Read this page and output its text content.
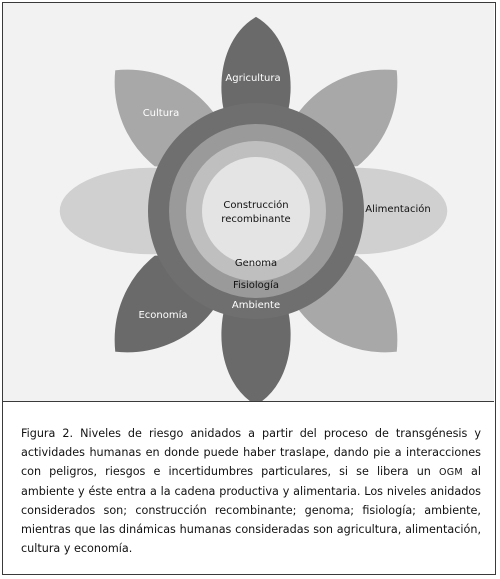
Agricultura
Alimentación
Economía
Cultura
Ambiente
Fisiología
Genoma
Construcción
recombinante

Figura 2. Niveles de riesgo anidados a partir del proceso de transgénesis y actividades humanas en donde puede haber traslape, dando pie a interacciones con peligros, riesgos e incertidumbres particulares, si se libera un OGM al ambiente y éste entra a la cadena productiva y alimentaria. Los niveles anidados considerados son; construcción recombinante; genoma; fisiología; ambiente, mientras que las dinámicas humanas consideradas son agricultura, alimentación, cultura y economía.
